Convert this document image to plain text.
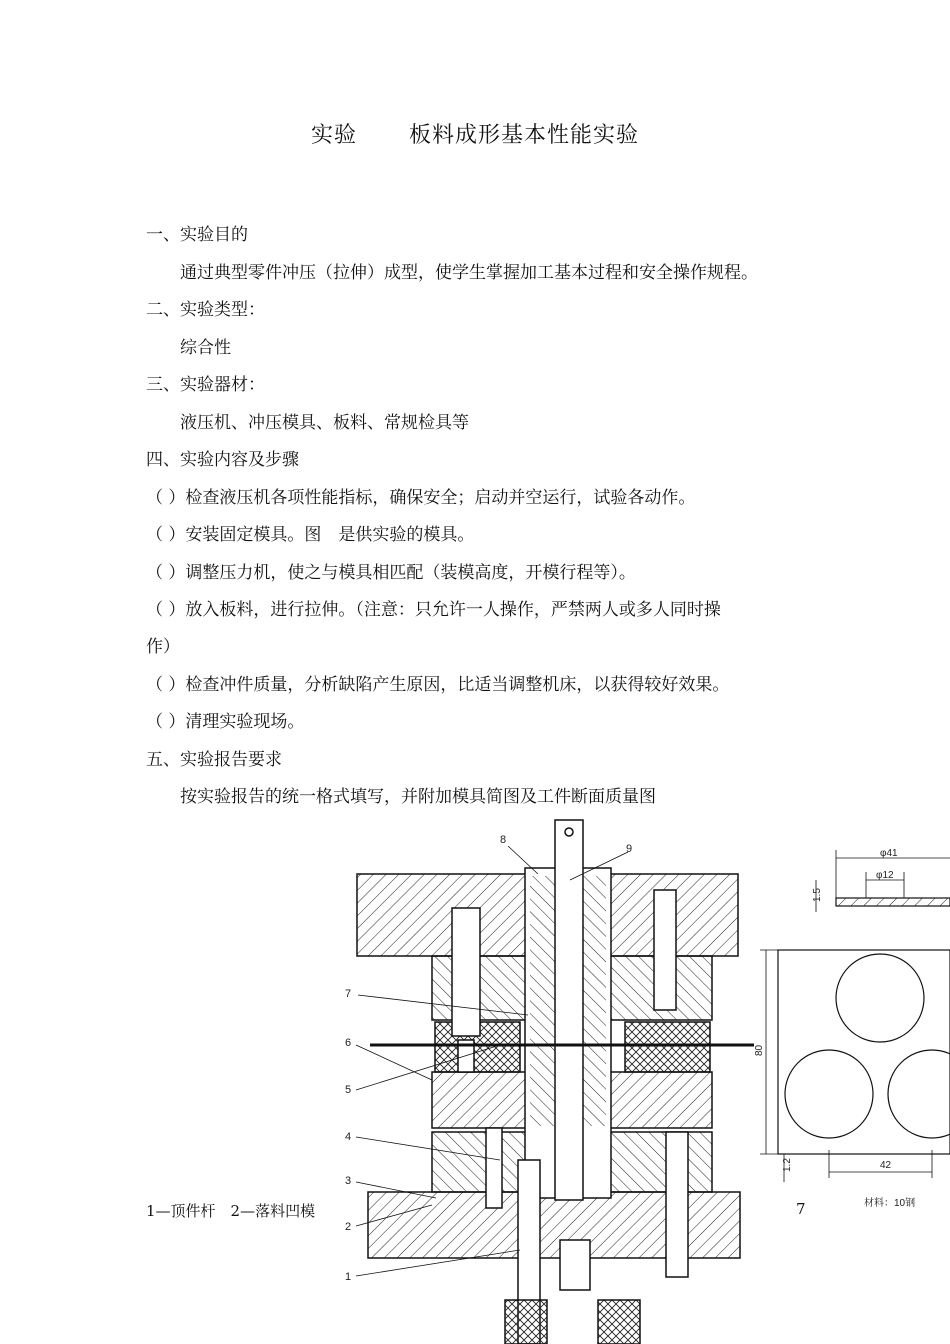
实验 板料成形基本性能实验
一、实验目的
通过典型零件冲压（拉伸）成型，使学生掌握加工基本过程和安全操作规程。
二、实验类型：
综合性
三、实验器材：
液压机、冲压模具、板料、常规检具等
四、实验内容及步骤
（ ）检查液压机各项性能指标，确保安全；启动并空运行，试验各动作。
（ ）安装固定模具。图　是供实验的模具。
（ ）调整压力机，使之与模具相匹配（装模高度，开模行程等）。
（ ）放入板料，进行拉伸。（注意：只允许一人操作，严禁两人或多人同时操
作）
（ ）检查冲件质量，分析缺陷产生原因，比适当调整机床，以获得较好效果。
（ ）清理实验现场。
五、实验报告要求
按实验报告的统一格式填写，并附加模具简图及工件断面质量图
1
2
3
4
5
6
7
8
9	φ41
φ12
1.5
80
42
1.2
材料：10钢
1—顶件杆　2—落料凹模	7
